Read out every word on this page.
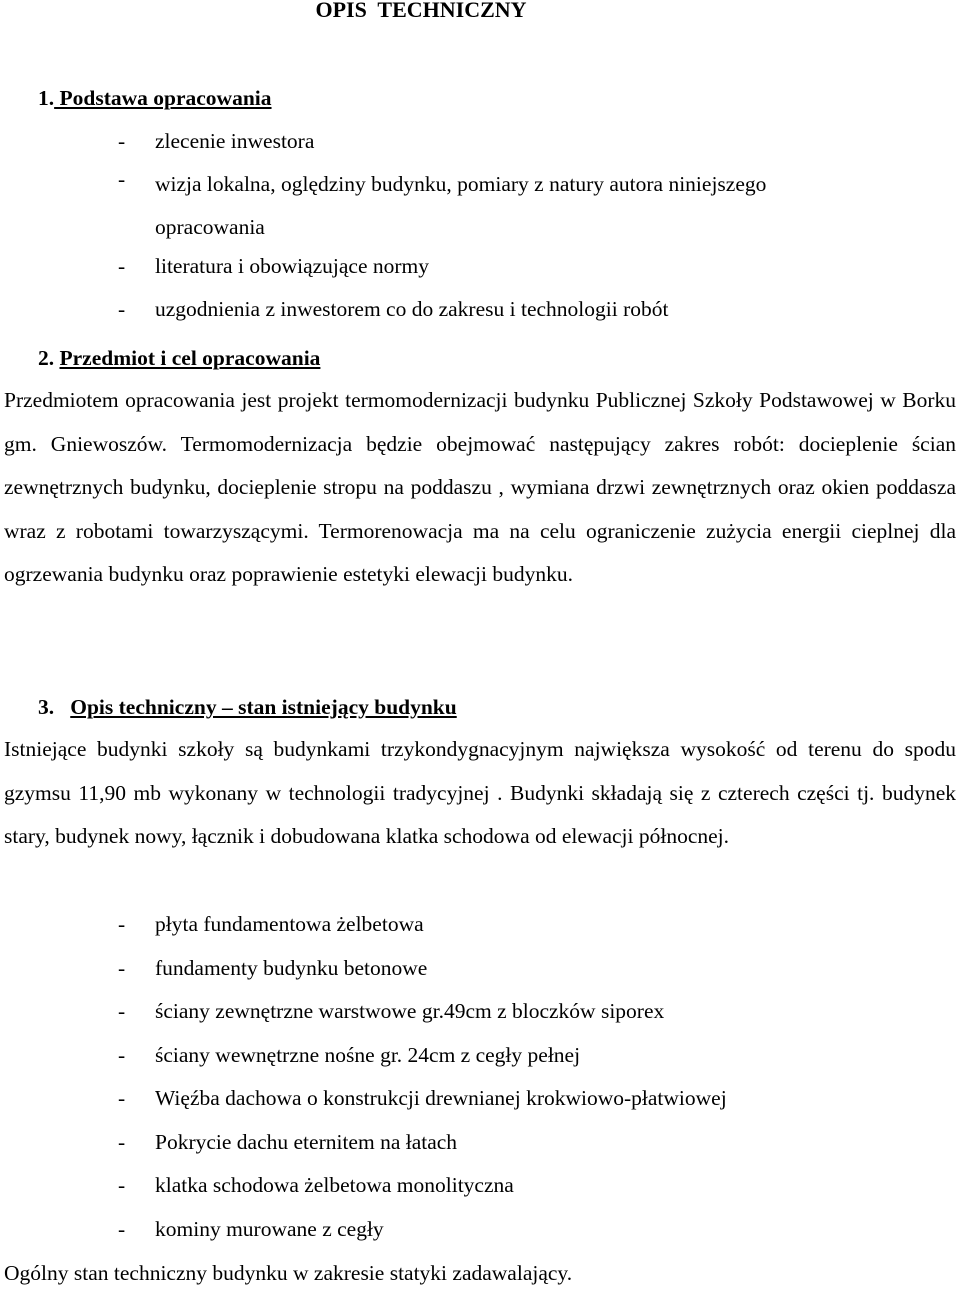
OPIS  TECHNICZNY
1. Podstawa opracowania
- zlecenie inwestora
- wizja lokalna, oględziny budynku, pomiary z natury autora niniejszego opracowania
- literatura i obowiązujące normy
- uzgodnienia z inwestorem co do zakresu i technologii robót
2. Przedmiot i cel opracowania

Przedmiotem opracowania jest projekt termomodernizacji budynku Publicznej Szkoły Podstawowej w Borku gm. Gniewoszów. Termomodernizacja będzie obejmować następujący zakres robót: docieplenie ścian zewnętrznych budynku, docieplenie stropu na poddaszu , wymiana drzwi zewnętrznych oraz okien poddasza wraz z robotami towarzyszącymi. Termorenowacja ma na celu ograniczenie zużycia energii cieplnej dla ogrzewania budynku oraz poprawienie estetyki elewacji budynku.

3. Opis techniczny – stan istniejący budynku

Istniejące budynki szkoły są budynkami trzykondygnacyjnym największa wysokość od terenu do spodu gzymsu 11,90 mb wykonany w technologii tradycyjnej . Budynki składają się z czterech części tj. budynek stary, budynek nowy, łącznik i dobudowana klatka schodowa od elewacji północnej.

- płyta fundamentowa żelbetowa
- fundamenty budynku betonowe
- ściany zewnętrzne warstwowe gr.49cm z bloczków siporex
- ściany wewnętrzne nośne gr. 24cm z cegły pełnej
- Więźba dachowa o konstrukcji drewnianej krokwiowo-płatwiowej
- Pokrycie dachu eternitem na łatach
- klatka schodowa żelbetowa monolityczna
- kominy murowane z cegły
Ogólny stan techniczny budynku w zakresie statyki zadawalający.
